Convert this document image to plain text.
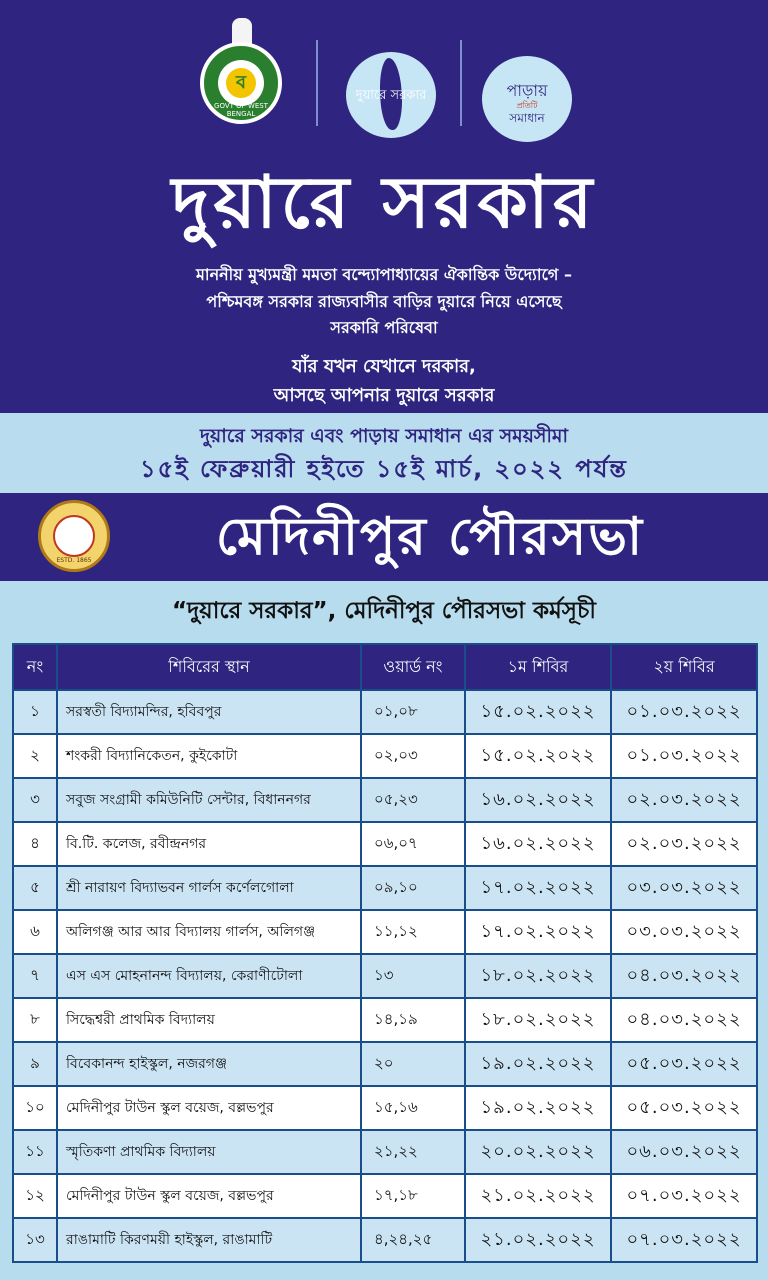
ব
GOVT OF WEST BENGAL
দুয়ারে সরকার	পাড়ায়
প্রতিটি
সমাধান
দুয়ারে সরকার
মাননীয় মুখ্যমন্ত্রী মমতা বন্দ্যোপাধ্যায়ের ঐকান্তিক উদ্যোগে –
পশ্চিমবঙ্গ সরকার রাজ্যবাসীর বাড়ির দুয়ারে নিয়ে এসেছে
সরকারি পরিষেবা
যাঁর যখন যেখানে দরকার,
আসছে আপনার দুয়ারে সরকার
দুয়ারে সরকার এবং পাড়ায় সমাধান এর সময়সীমা
১৫ই ফেব্রুয়ারী হইতে ১৫ই মার্চ, ২০২২ পর্যন্ত
ESTD. 1865	মেদিনীপুর পৌরসভা
“দুয়ারে সরকার”, মেদিনীপুর পৌরসভা কর্মসূচী
নং	শিবিরের স্থান	ওয়ার্ড নং	১ম শিবির	২য় শিবির
১	সরস্বতী বিদ্যামন্দির, হবিবপুর	০১,০৮	১৫.০২.২০২২	০১.০৩.২০২২
২	শংকরী বিদ্যানিকেতন, কুইকোটা	০২,০৩	১৫.০২.২০২২	০১.০৩.২০২২
৩	সবুজ সংগ্রামী কমিউনিটি সেন্টার, বিধাননগর	০৫,২৩	১৬.০২.২০২২	০২.০৩.২০২২
৪	বি.টি. কলেজ, রবীন্দ্রনগর	০৬,০৭	১৬.০২.২০২২	০২.০৩.২০২২
৫	শ্রী নারায়ণ বিদ্যাভবন গার্লস কর্ণেলগোলা	০৯,১০	১৭.০২.২০২২	০৩.০৩.২০২২
৬	অলিগঞ্জ আর আর বিদ্যালয় গার্লস, অলিগঞ্জ	১১,১২	১৭.০২.২০২২	০৩.০৩.২০২২
৭	এস এস মোহনানন্দ বিদ্যালয়, কেরাণীটোলা	১৩	১৮.০২.২০২২	০৪.০৩.২০২২
৮	সিদ্ধেশ্বরী প্রাথমিক বিদ্যালয়	১৪,১৯	১৮.০২.২০২২	০৪.০৩.২০২২
৯	বিবেকানন্দ হাইস্কুল, নজরগঞ্জ	২০	১৯.০২.২০২২	০৫.০৩.২০২২
১০	মেদিনীপুর টাউন স্কুল বয়েজ, বল্লভপুর	১৫,১৬	১৯.০২.২০২২	০৫.০৩.২০২২
১১	স্মৃতিকণা প্রাথমিক বিদ্যালয়	২১,২২	২০.০২.২০২২	০৬.০৩.২০২২
১২	মেদিনীপুর টাউন স্কুল বয়েজ, বল্লভপুর	১৭,১৮	২১.০২.২০২২	০৭.০৩.২০২২
১৩	রাঙামাটি কিরণময়ী হাইস্কুল, রাঙামাটি	৪,২৪,২৫	২১.০২.২০২২	০৭.০৩.২০২২
